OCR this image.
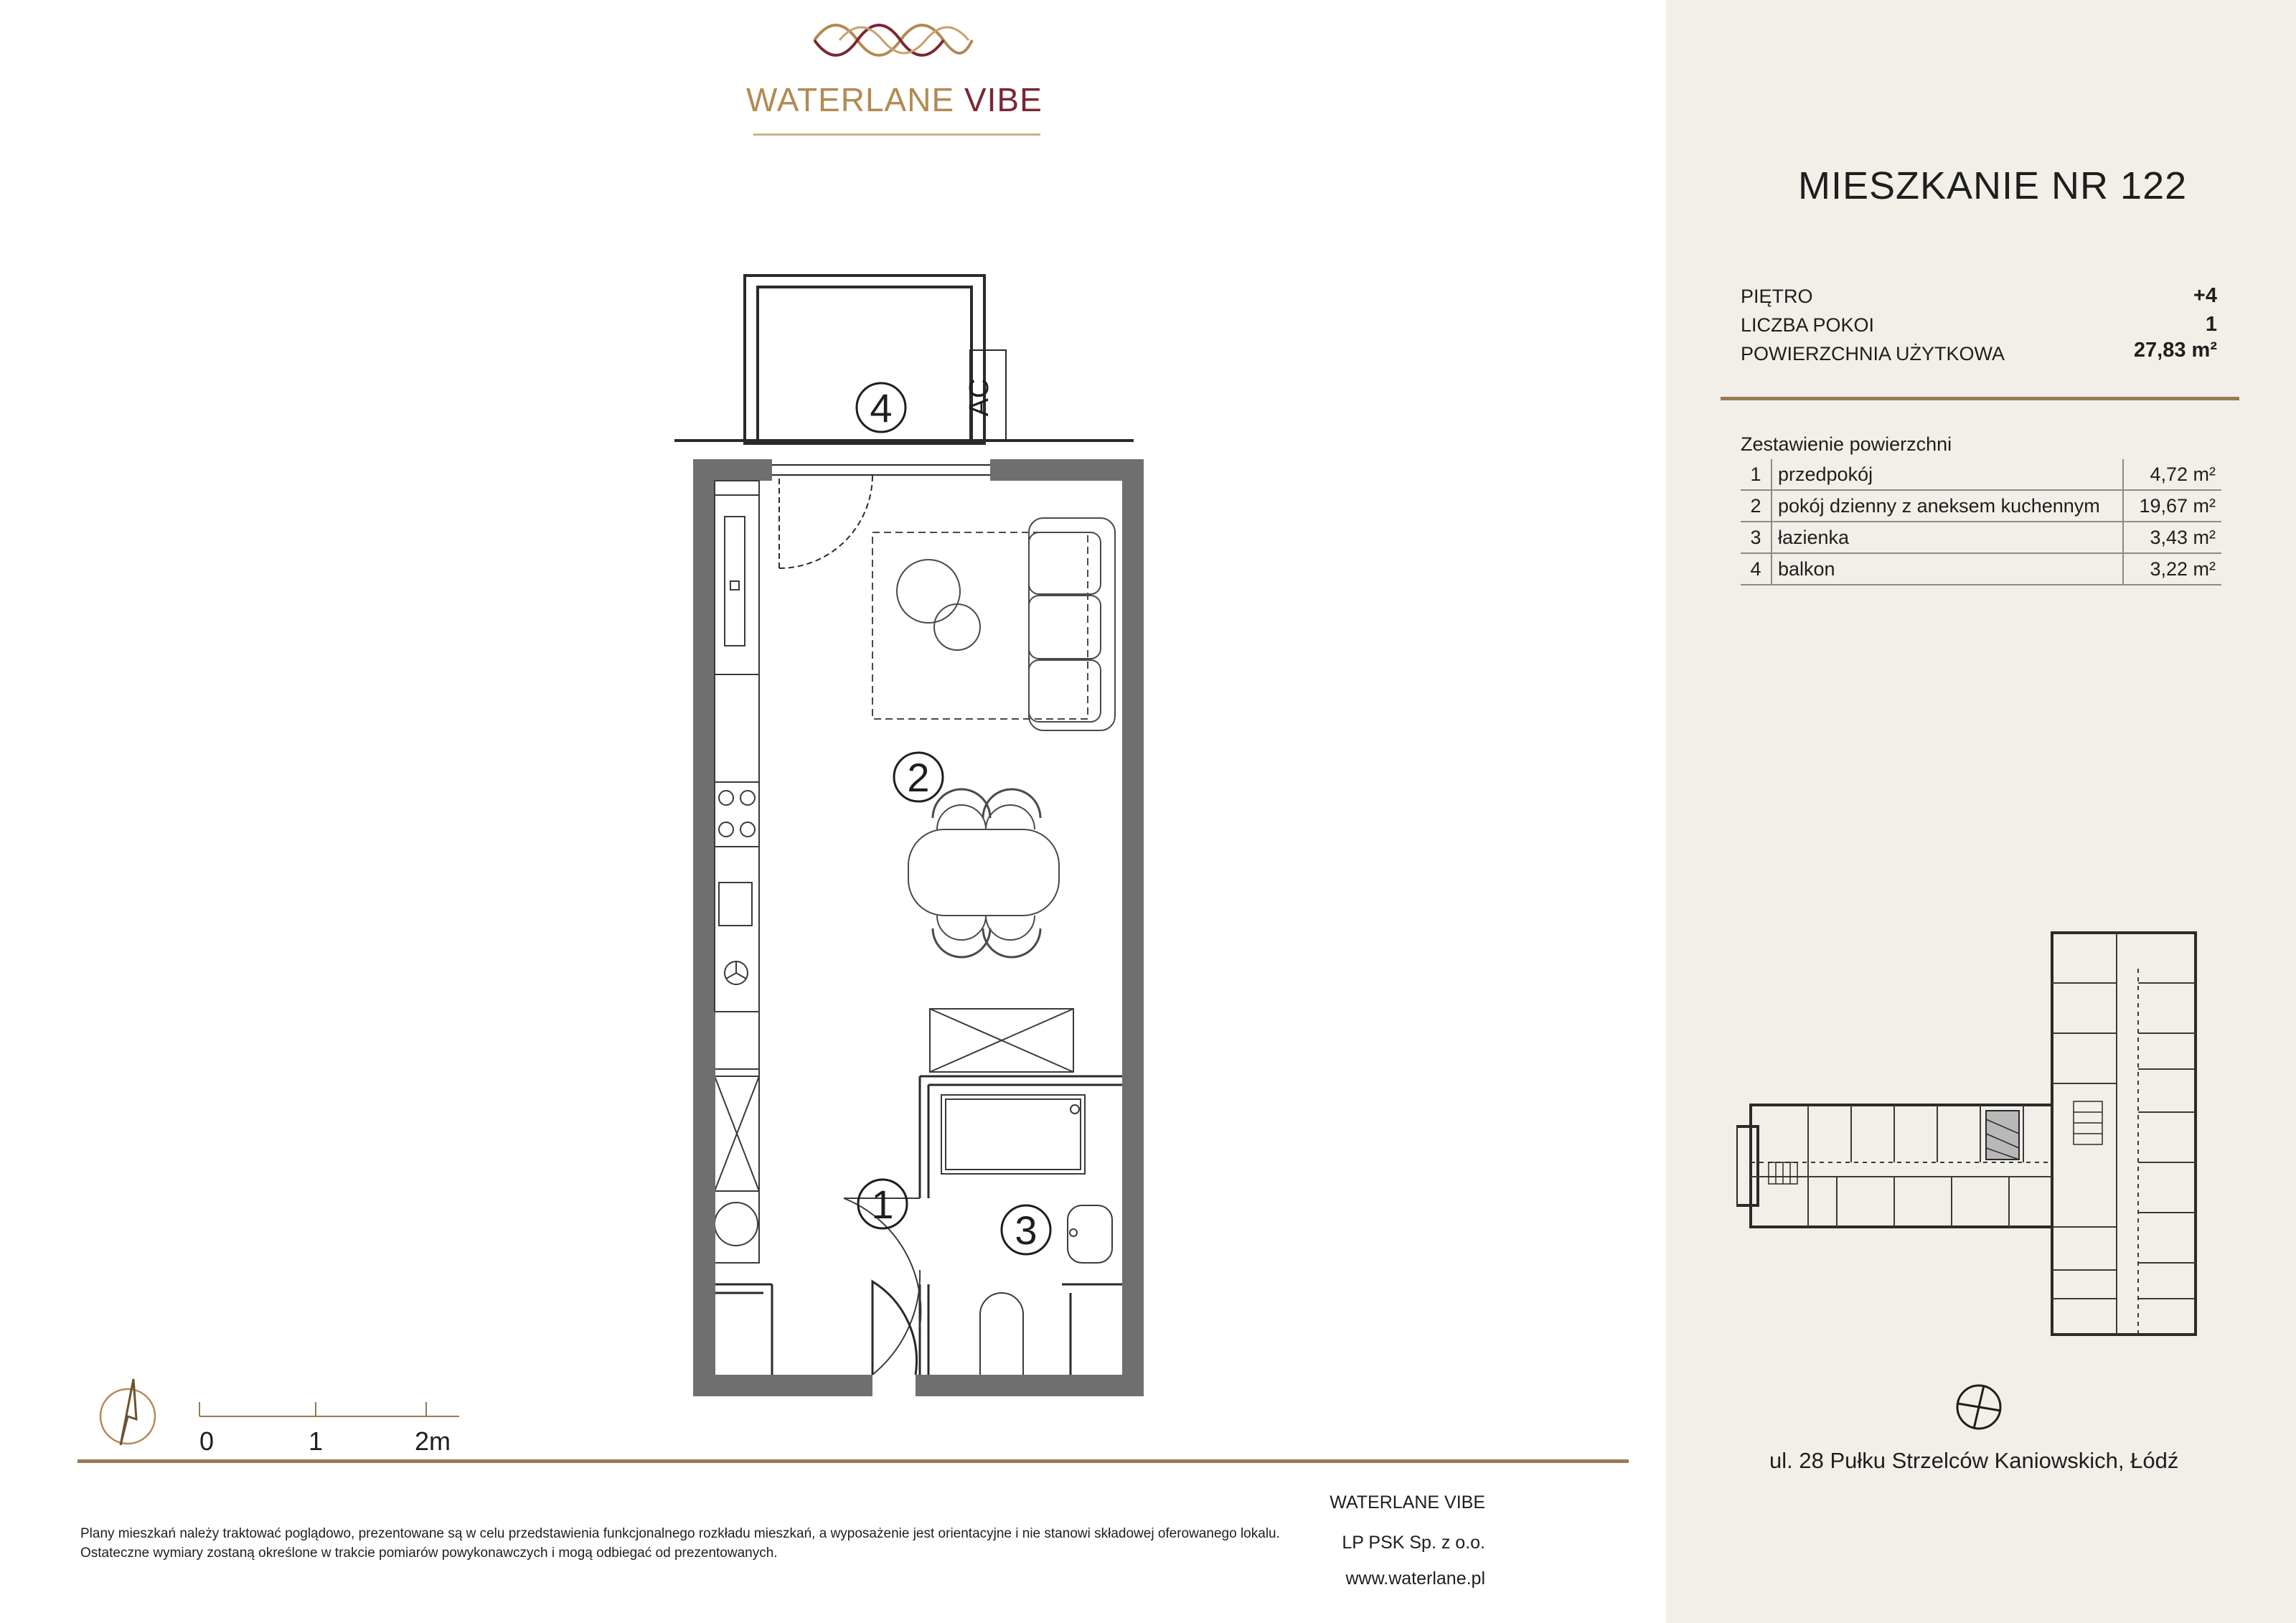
MIESZKANIE NR 122
PIĘTRO	+4
LICZBA POKOI	1
POWIERZCHNIA UŻYTKOWA	27,83 m²
Zestawienie powierzchni
1	przedpokój	4,72 m²
2	pokój dzienny z aneksem kuchennym	19,67 m²
3	łazienka	3,43 m²
4	balkon	3,22 m²
ul. 28 Pułku Strzelców Kaniowskich, Łódź
WATERLANE VIBE
AC
1
2
3
4
0	1	2m
Plany mieszkań należy traktować poglądowo, prezentowane są w celu przedstawienia funkcjonalnego rozkładu mieszkań, a wyposażenie jest orientacyjne i nie stanowi składowej oferowanego lokalu.
Ostateczne wymiary zostaną określone w trakcie pomiarów powykonawczych i mogą odbiegać od prezentowanych.
WATERLANE VIBE
LP PSK Sp. z o.o.
www.waterlane.pl
